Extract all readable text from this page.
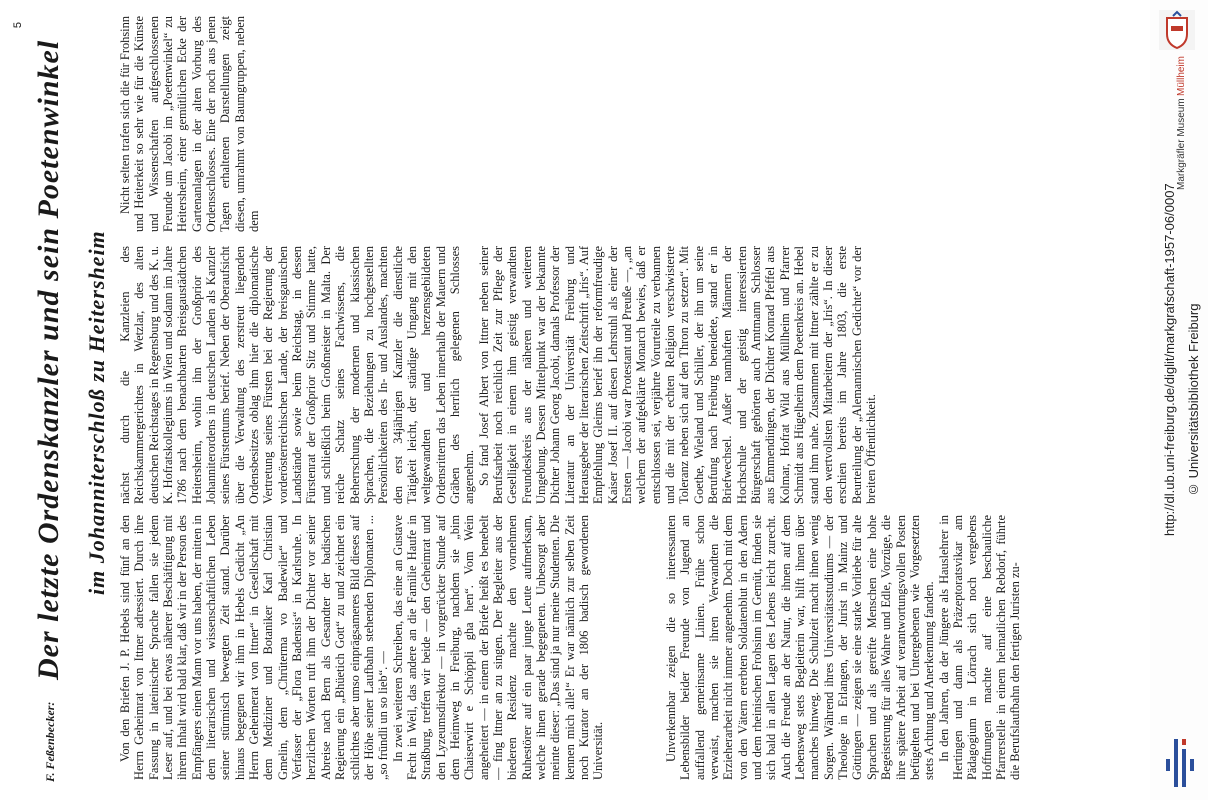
5
F. Feßenbecker:
Der letzte Ordenskanzler und sein Poetenwinkel im Johanniterschloß zu Heitersheim

Von den Briefen J. P. Hebels sind fünf an den Herrn Geheimrat von Ittner adressiert. Durch ihre Fassung in lateinischer Sprache fallen sie jedem Leser auf, und bei etwas näherer Beschäftigung mit ihrem Inhalt wird bald klar, daß wir in der Person des Empfängers einen Mann vor uns haben, der mitten in dem literarischen und wissenschaftlichen Leben seiner stürmisch bewegten Zeit stand. Darüber hinaus begegnen wir ihm in Hebels Gedicht „An Herrn Geheimerat von Ittner“ in Gesellschaft mit dem Mediziner und Botaniker Karl Christian Gmelin, dem „Chrüterma vo Badewiler“ und Verfasser der „Flora Badensis“ in Karlsruhe. In herzlichen Worten ruft ihm der Dichter vor seiner Abreise nach Bern als Gesandter der badischen Regierung ein „Bhüetich Gott“ zu und zeichnet ein schlichtes aber umso einprägsameres Bild dieses auf der Höhe seiner Laufbahn stehenden Diplomaten ... „so fründli un so lieb“. — In zwei weiteren Schreiben, das eine an Gustave Fecht in Weil, das andere an die Familie Haufe in Straßburg, treffen wir beide — den Geheimrat und den Lyzeumsdirektor — in vorgerückter Stunde auf dem Heimweg in Freiburg, nachdem sie „bim Chaiserwirt e Schöppli gha hen“. Vom Wein angeheitert — in einem der Briefe heißt es benebelt — fing Ittner an zu singen. Der Begleiter aus der biederen Residenz machte den vornehmen Ruhestörer auf ein paar junge Leute aufmerksam, welche ihnen gerade begegneten. Unbesorgt aber meinte dieser: „Das sind ja nur meine Studenten. Die kennen mich alle!“ Er war nämlich zur selben Zeit noch Kurator an der 1806 badisch gewordenen Universität.	Unverkennbar zeigen die so interessanten Lebensbilder beider Freunde von Jugend an auffallend gemeinsame Linien. Frühe schon verwaist, machen sie ihren Verwandten die Erzieherarbeit nicht immer angenehm. Doch mit dem von den Vätern ererbten Soldatenblut in den Adern und dem rheinischen Frohsinn im Gemüt, finden sie sich bald in allen Lagen des Lebens leicht zurecht. Auch die Freude an der Natur, die ihnen auf dem Lebensweg stets Begleiterin war, hilft ihnen über manches hinweg. Die Schulzeit macht ihnen wenig Sorgen. Während ihres Universitätsstudiums — der Theologe in Erlangen, der Jurist in Mainz und Göttingen — zeigen sie eine starke Vorliebe für alte Sprachen und als gereifte Menschen eine hohe Begeisterung für alles Wahre und Edle, Vorzüge, die ihre spätere Arbeit auf verantwortungsvollen Posten befügelten und bei Untergebenen wie Vorgesetzten stets Achtung und Anerkennung fanden. In den Jahren, da der Jüngere als Hauslehrer in Hertingen und dann als Präzeptoratsvikar am Pädagogium in Lörrach sich noch vergebens Hoffnungen machte auf eine beschauliche Pfarrerstelle in einem heimatlichen Rebdorf, führte die Berufslaufbahn den fertigen Juristen zu-

nächst durch die Kanzleien des Reichskammergerichtes in Wetzlar, des alten deutschen Reichstages in Regensburg und des K. u. K. Hofratskollegiums in Wien und sodann im Jahre 1786 nach dem benachbarten Breisgaustädtchen Heitersheim, wohin ihn der Großprior des Johanniterordens in deutschen Landen als Kanzler seines Fürstentums berief. Neben der Oberaufsicht über die Verwaltung des zerstreut liegenden Ordensbesitzes oblag ihm hier die diplomatische Vertretung seines Fürsten bei der Regierung der vorderösterreichischen Lande, der breisgauischen Landstände sowie beim Reichstag, in dessen Fürstenrat der Großprior Sitz und Stimme hatte, und schließlich beim Großmeister in Malta. Der reiche Schatz seines Fachwissens, die Beherrschung der modernen und klassischen Sprachen, die Beziehungen zu hochgestellten Persönlichkeiten des In- und Auslandes, machten den erst 34jährigen Kanzler die dienstliche Tätigkeit leicht, der ständige Umgang mit den weltgewandten und herzensgebildeten Ordensrittern das Leben innerhalb der Mauern und Gräben des herrlich gelegenen Schlosses angenehm. So fand Josef Albert von Ittner neben seiner Berufsarbeit noch reichlich Zeit zur Pflege der Geselligkeit in einem ihm geistig verwandten Freundeskreis aus der näheren und weiteren Umgebung. Dessen Mittelpunkt war der bekannte Dichter Johann Georg Jacobi, damals Professor der Literatur an der Universität Freiburg und Herausgeber der literarischen Zeitschrift „Iris“. Auf Empfehlung Gleims berief ihn der reformfreudige Kaiser Josef II. auf diesen Lehrstuhl als einer der Ersten — Jacobi war Protestant und Preuße —, „an welchem der aufgeklärte Monarch bewies, daß er entschlossen sei, verjährte Vorurteile zu verbannen und die mit der echten Religion verschwisterte Toleranz neben sich auf den Thron zu setzen“. Mit Goethe, Wieland und Schiller, der ihn um seine Berufung nach Freiburg beneidete, stand er in Briefwechsel. Außer namhaften Männern der Hochschule und der geistig interessierten Bürgerschaft gehörten auch Amtmann Schlosser aus Emmendingen, der Dichter Konrad Pfeffel aus Kolmar, Hofrat Wild aus Müllheim und Pfarrer Schmidt aus Hügelheim dem Poetenkreis an. Hebel stand ihm nahe. Zusammen mit Ittner zählte er zu den wertvollsten Mitarbeitern der „Iris“. In dieser erschien bereits im Jahre 1803, die erste Beurteilung der „Alemannischen Gedichte“ vor der breiten Öffentlichkeit.

Nicht selten trafen sich die für Frohsinn und Heiterkeit so sehr wie für die Künste und Wissenschaften aufgeschlossenen Freunde um Jacobi im „Poetenwinkel“ zu Heitersheim, einer gemütlichen Ecke der Gartenanlagen in der alten Vorburg des Ordensschlosses. Eine der noch aus jenen Tagen erhaltenen Darstellungen zeigt diesen, umrahmt von Baumgruppen, neben dem

Markgräfler Museum
Müllheim
http://dl.ub.uni-freiburg.de/diglit/markgrafschaft-1957-06/0007 © Universitätsbibliothek Freiburg
